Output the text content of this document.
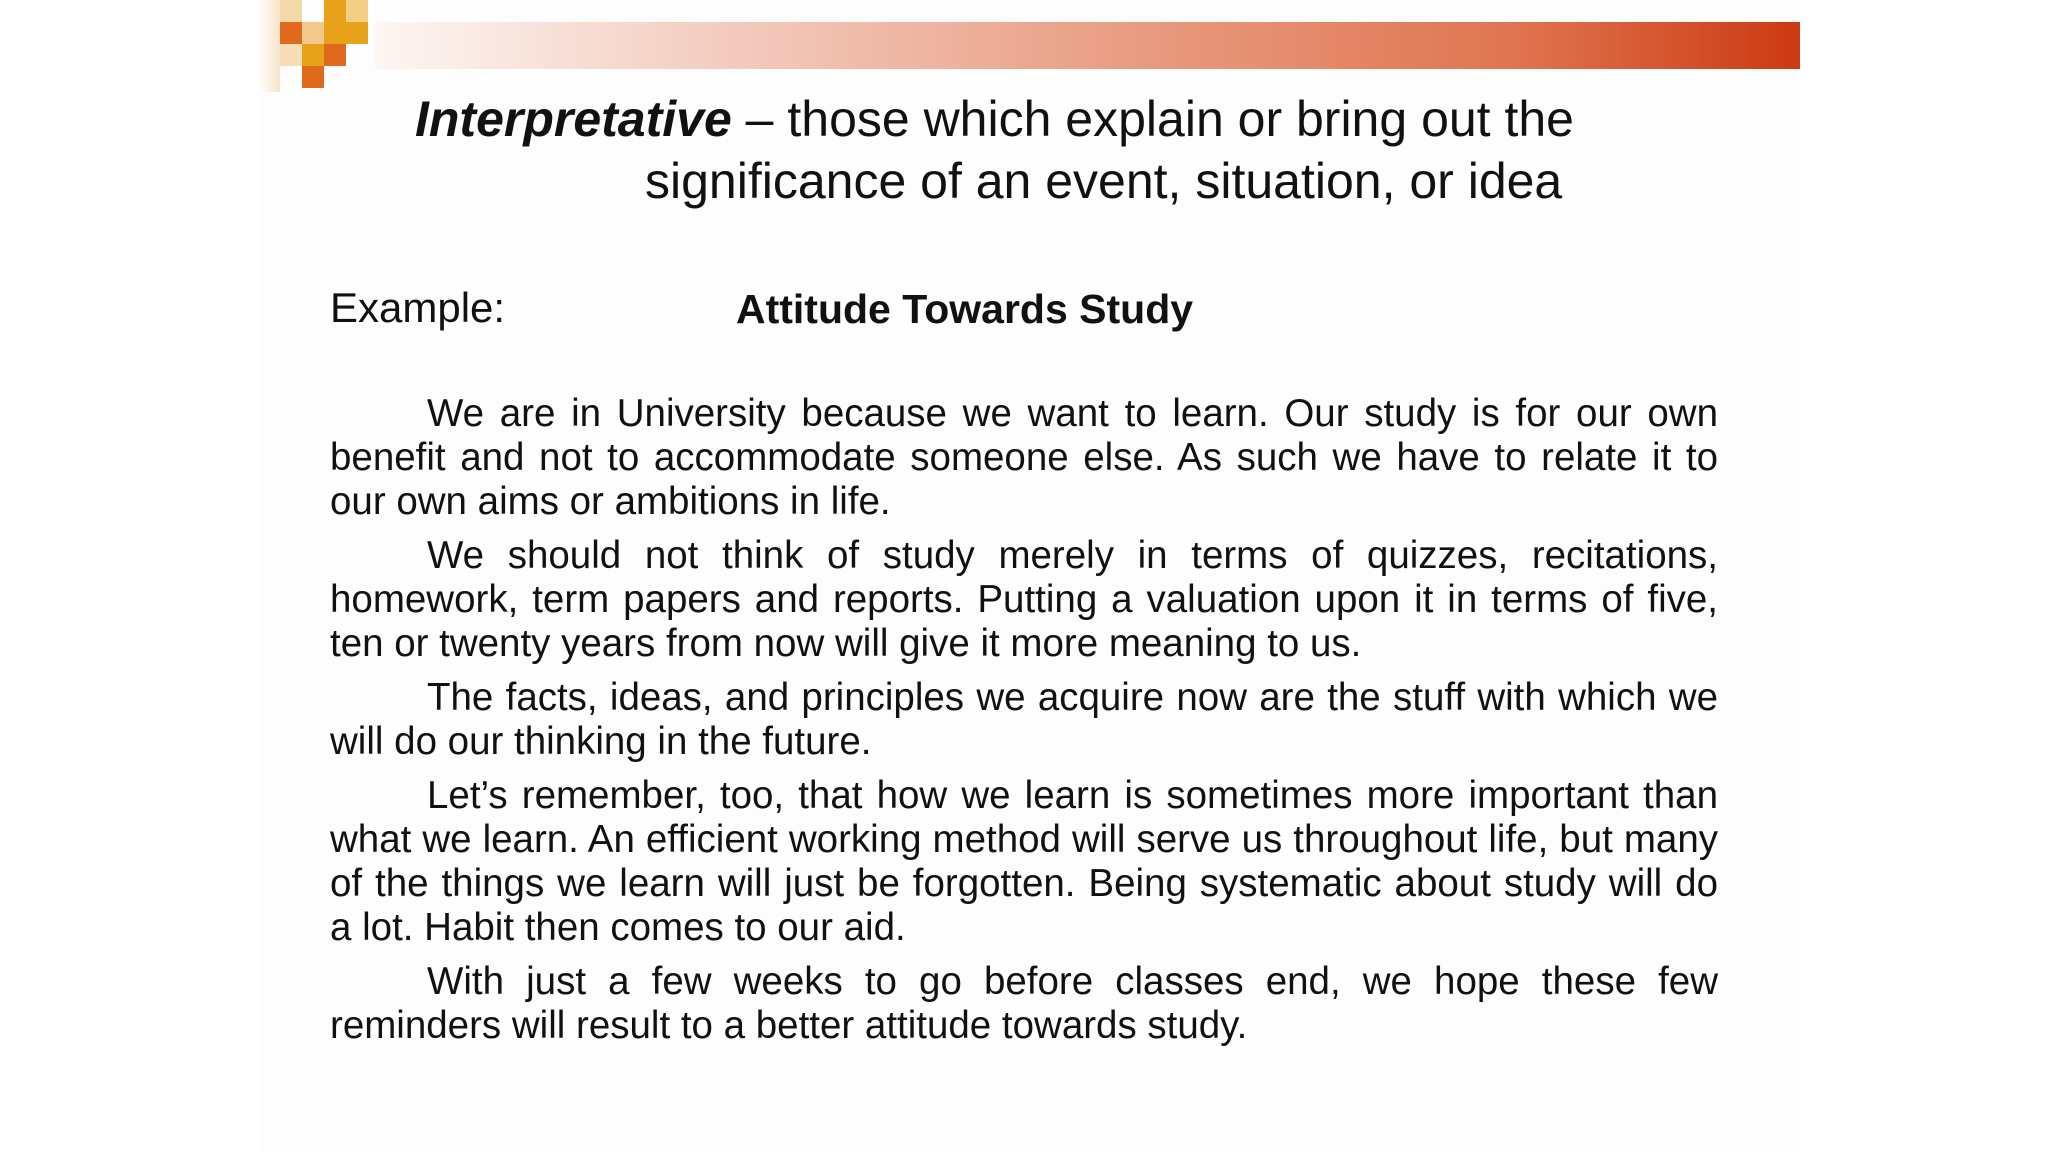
Interpretative – those which explain or bring out the
significance of an event, situation, or idea
Example:	Attitude Towards Study

We are in University because we want to learn. Our study is for our own benefit and not to accommodate someone else. As such we have to relate it to our own aims or ambitions in life.

We should not think of study merely in terms of quizzes, recitations, homework, term papers and reports. Putting a valuation upon it in terms of five, ten or twenty years from now will give it more meaning to us.

The facts, ideas, and principles we acquire now are the stuff with which we will do our thinking in the future.

Let’s remember, too, that how we learn is sometimes more important than what we learn. An efficient working method will serve us throughout life, but many of the things we learn will just be forgotten. Being systematic about study will do a lot. Habit then comes to our aid.

With just a few weeks to go before classes end, we hope these few reminders will result to a better attitude towards study.
